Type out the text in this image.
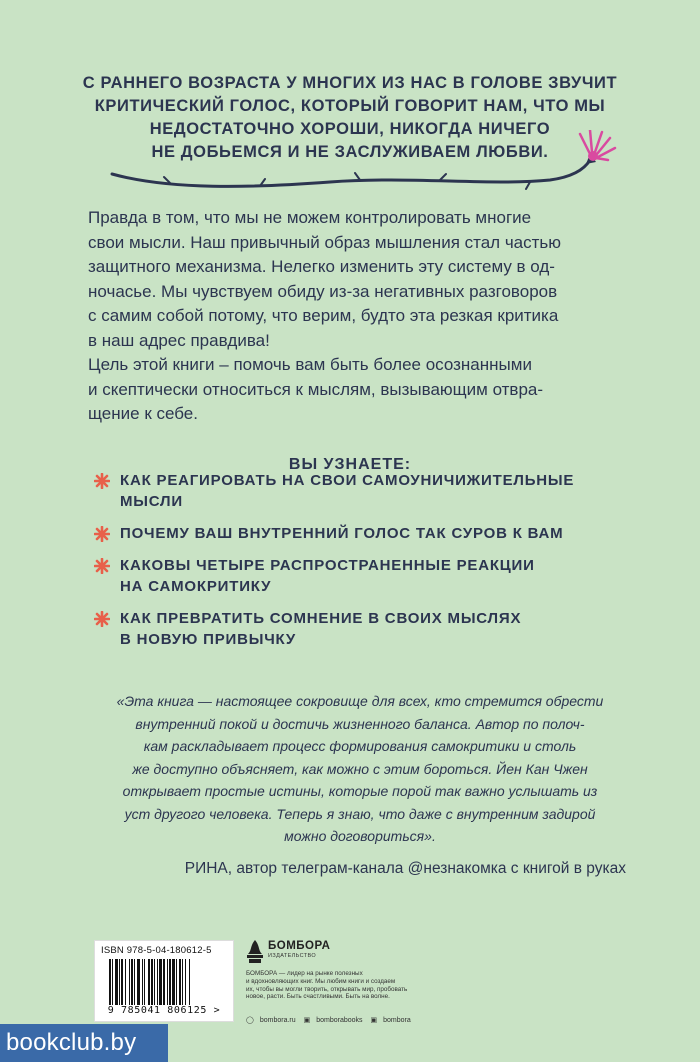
С РАННЕГО ВОЗРАСТА У МНОГИХ ИЗ НАС В ГОЛОВЕ ЗВУЧИТ
КРИТИЧЕСКИЙ ГОЛОС, КОТОРЫЙ ГОВОРИТ НАМ, ЧТО МЫ
НЕДОСТАТОЧНО ХОРОШИ, НИКОГДА НИЧЕГО
НЕ ДОБЬЕМСЯ И НЕ ЗАСЛУЖИВАЕМ ЛЮБВИ.

Правда в том, что мы не можем контролировать многие
свои мысли. Наш привычный образ мышления стал частью
защитного механизма. Нелегко изменить эту систему в од-
ночасье. Мы чувствуем обиду из-за негативных разговоров
с самим собой потому, что верим, будто эта резкая критика
в наш адрес правдива!

Цель этой книги – помочь вам быть более осознанными
и скептически относиться к мыслям, вызывающим отвра-
щение к себе.

ВЫ УЗНАЕТЕ:
КАК РЕАГИРОВАТЬ НА СВОИ САМОУНИЧИЖИТЕЛЬНЫЕ
МЫСЛИ
ПОЧЕМУ ВАШ ВНУТРЕННИЙ ГОЛОС ТАК СУРОВ К ВАМ
КАКОВЫ ЧЕТЫРЕ РАСПРОСТРАНЕННЫЕ РЕАКЦИИ
НА САМОКРИТИКУ
КАК ПРЕВРАТИТЬ СОМНЕНИЕ В СВОИХ МЫСЛЯХ
В НОВУЮ ПРИВЫЧКУ
«Эта книга — настоящее сокровище для всех, кто стремится обрести
внутренний покой и достичь жизненного баланса. Автор по полоч-
кам раскладывает процесс формирования самокритики и столь
же доступно объясняет, как можно с этим бороться. Йен Кан Чжен
открывает простые истины, которые порой так важно услышать из
уст другого человека. Теперь я знаю, что даже с внутренним задирой
можно договориться».
РИНА, автор телеграм-канала @незнакомка с книгой в руках
ISBN 978-5-04-180612-5
9 785041 806125 >
БОМБОРА
ИЗДАТЕЛЬСТВО
БОМБОРА — лидер на рынке полезных
и вдохновляющих книг. Мы любим книги и создаем
их, чтобы вы могли творить, открывать мир, пробовать
новое, расти. Быть счастливыми. Быть на волне.
◯ bombora.ru ▣ bomborabooks ▣ bombora
bookclub.by
